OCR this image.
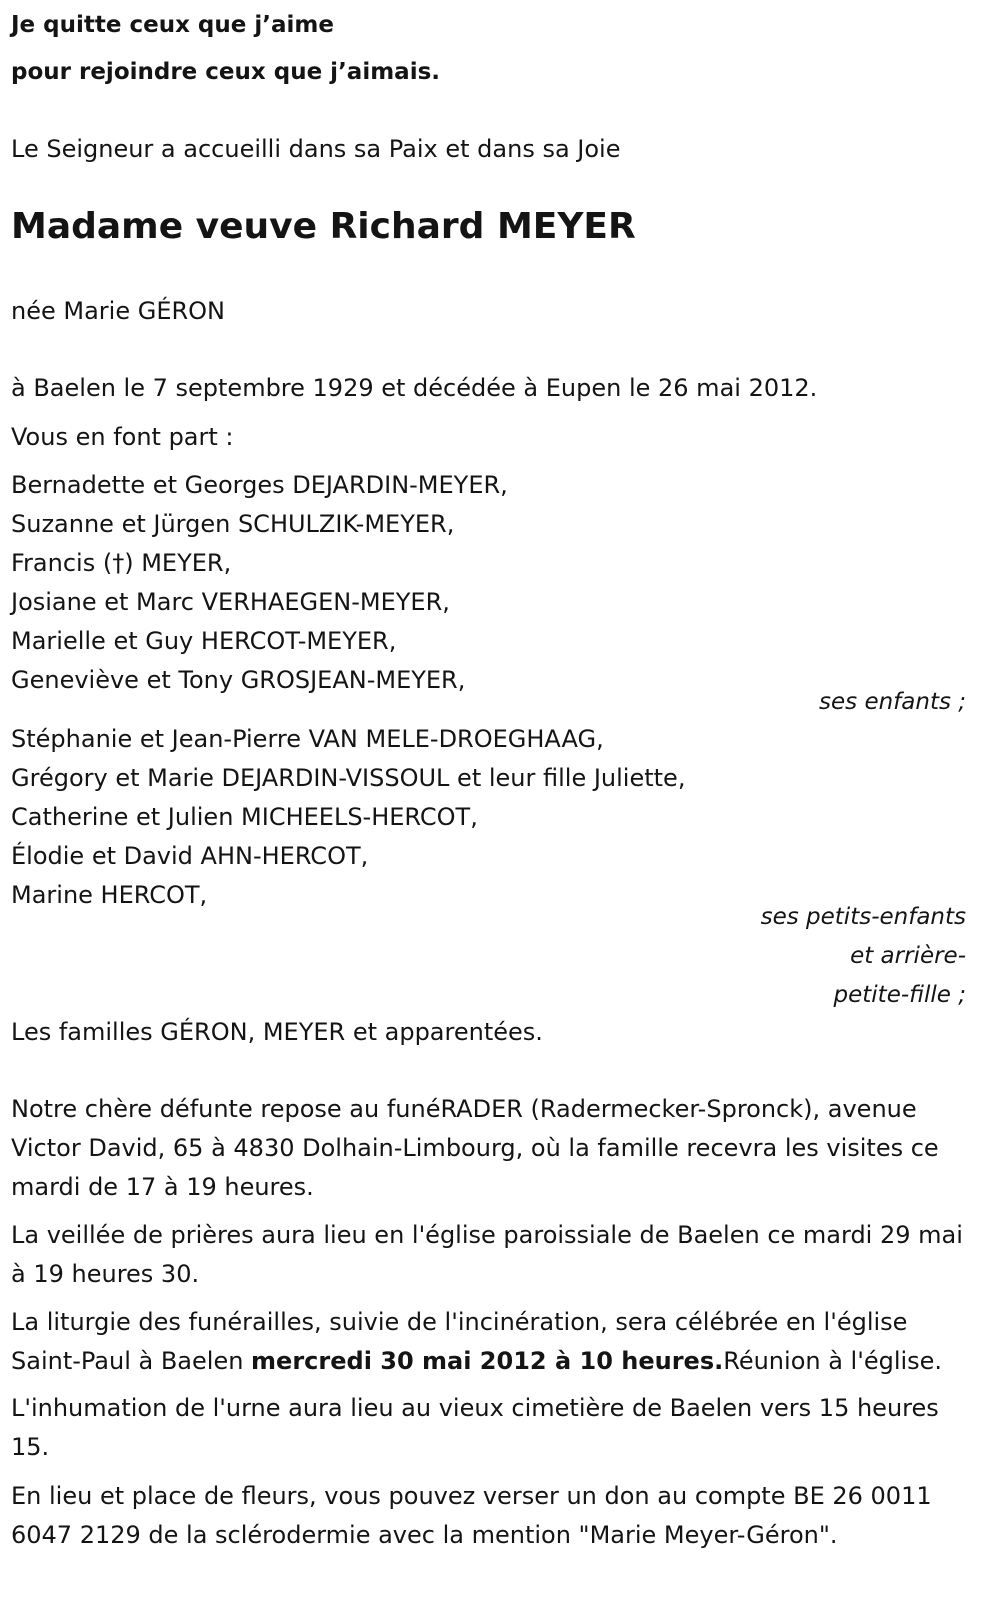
Je quitte ceux que j’aime
pour rejoindre ceux que j’aimais.
Le Seigneur a accueilli dans sa Paix et dans sa Joie
Madame veuve Richard MEYER
née Marie GÉRON
à Baelen le 7 septembre 1929 et décédée à Eupen le 26 mai 2012.
Vous en font part :
Bernadette et Georges DEJARDIN-MEYER,
Suzanne et Jürgen SCHULZIK-MEYER,
Francis (†) MEYER,
Josiane et Marc VERHAEGEN-MEYER,
Marielle et Guy HERCOT-MEYER,
Geneviève et Tony GROSJEAN-MEYER,
ses enfants ;
Stéphanie et Jean-Pierre VAN MELE-DROEGHAAG,
Grégory et Marie DEJARDIN-VISSOUL et leur fille Juliette,
Catherine et Julien MICHEELS-HERCOT,
Élodie et David AHN-HERCOT,
Marine HERCOT,
ses petits-enfants
et arrière-
petite-fille ;
Les familles GÉRON, MEYER et apparentées.
Notre chère défunte repose au funéRADER (Radermecker-Spronck), avenue Victor David, 65 à 4830 Dolhain-Limbourg, où la famille recevra les visites ce mardi de 17 à 19 heures.
La veillée de prières aura lieu en l'église paroissiale de Baelen ce mardi 29 mai à 19 heures 30.
La liturgie des funérailles, suivie de l'incinération, sera célébrée en l'église Saint-Paul à Baelen mercredi 30 mai 2012 à 10 heures.Réunion à l'église.
L'inhumation de l'urne aura lieu au vieux cimetière de Baelen vers 15 heures 15.
En lieu et place de fleurs, vous pouvez verser un don au compte BE 26 0011 6047 2129 de la sclérodermie avec la mention "Marie Meyer-Géron".
